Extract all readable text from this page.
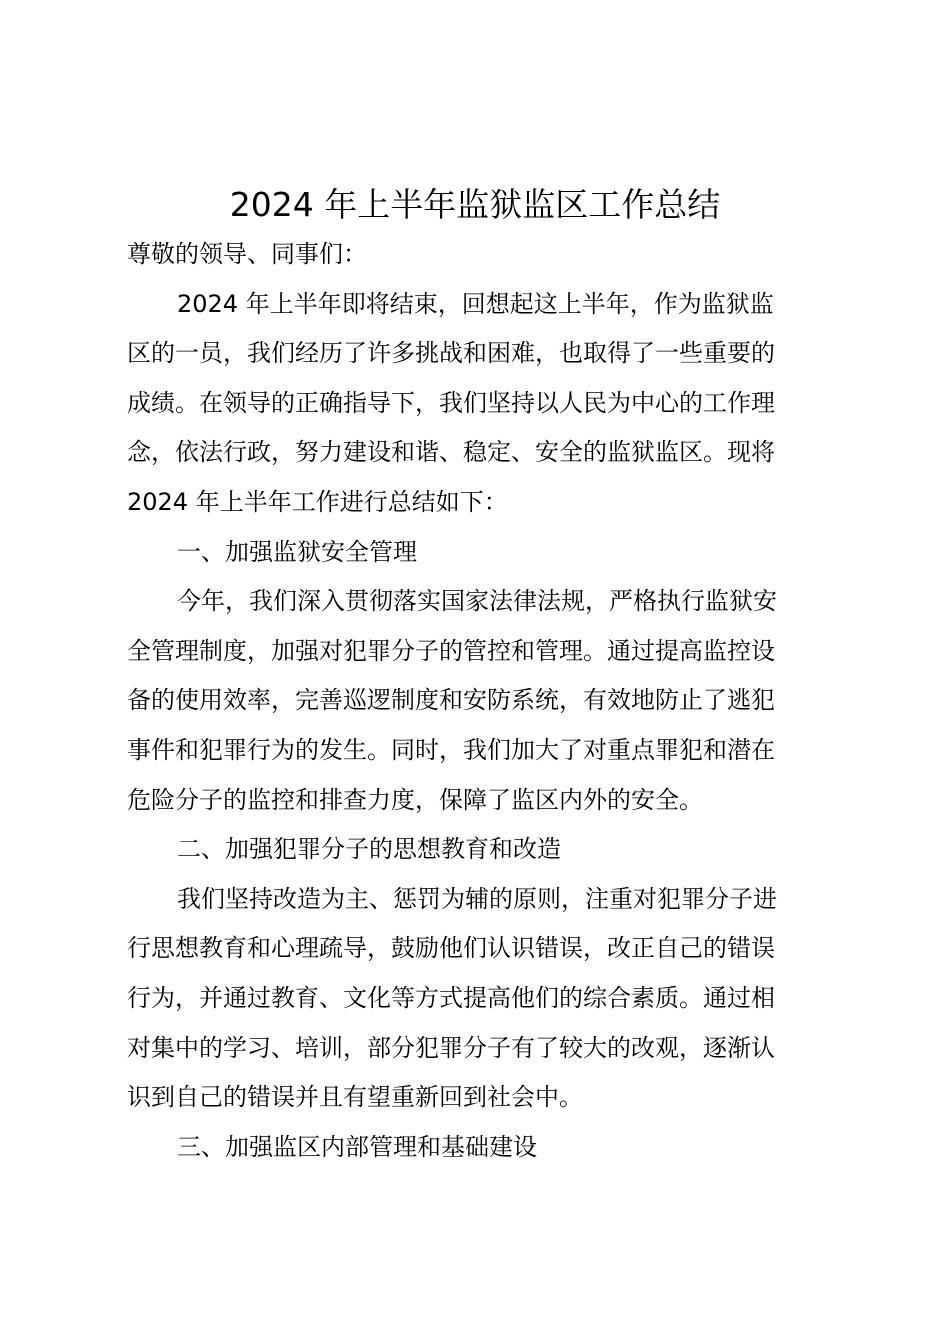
2024 年上半年监狱监区工作总结
尊敬的领导、同事们：
2024 年上半年即将结束，回想起这上半年，作为监狱监
区的一员，我们经历了许多挑战和困难，也取得了一些重要的
成绩。在领导的正确指导下，我们坚持以人民为中心的工作理
念，依法行政，努力建设和谐、稳定、安全的监狱监区。现将
2024 年上半年工作进行总结如下：
一、加强监狱安全管理
今年，我们深入贯彻落实国家法律法规，严格执行监狱安
全管理制度，加强对犯罪分子的管控和管理。通过提高监控设
备的使用效率，完善巡逻制度和安防系统，有效地防止了逃犯
事件和犯罪行为的发生。同时，我们加大了对重点罪犯和潜在
危险分子的监控和排查力度，保障了监区内外的安全。
二、加强犯罪分子的思想教育和改造
我们坚持改造为主、惩罚为辅的原则，注重对犯罪分子进
行思想教育和心理疏导，鼓励他们认识错误，改正自己的错误
行为，并通过教育、文化等方式提高他们的综合素质。通过相
对集中的学习、培训，部分犯罪分子有了较大的改观，逐渐认
识到自己的错误并且有望重新回到社会中。
三、加强监区内部管理和基础建设
